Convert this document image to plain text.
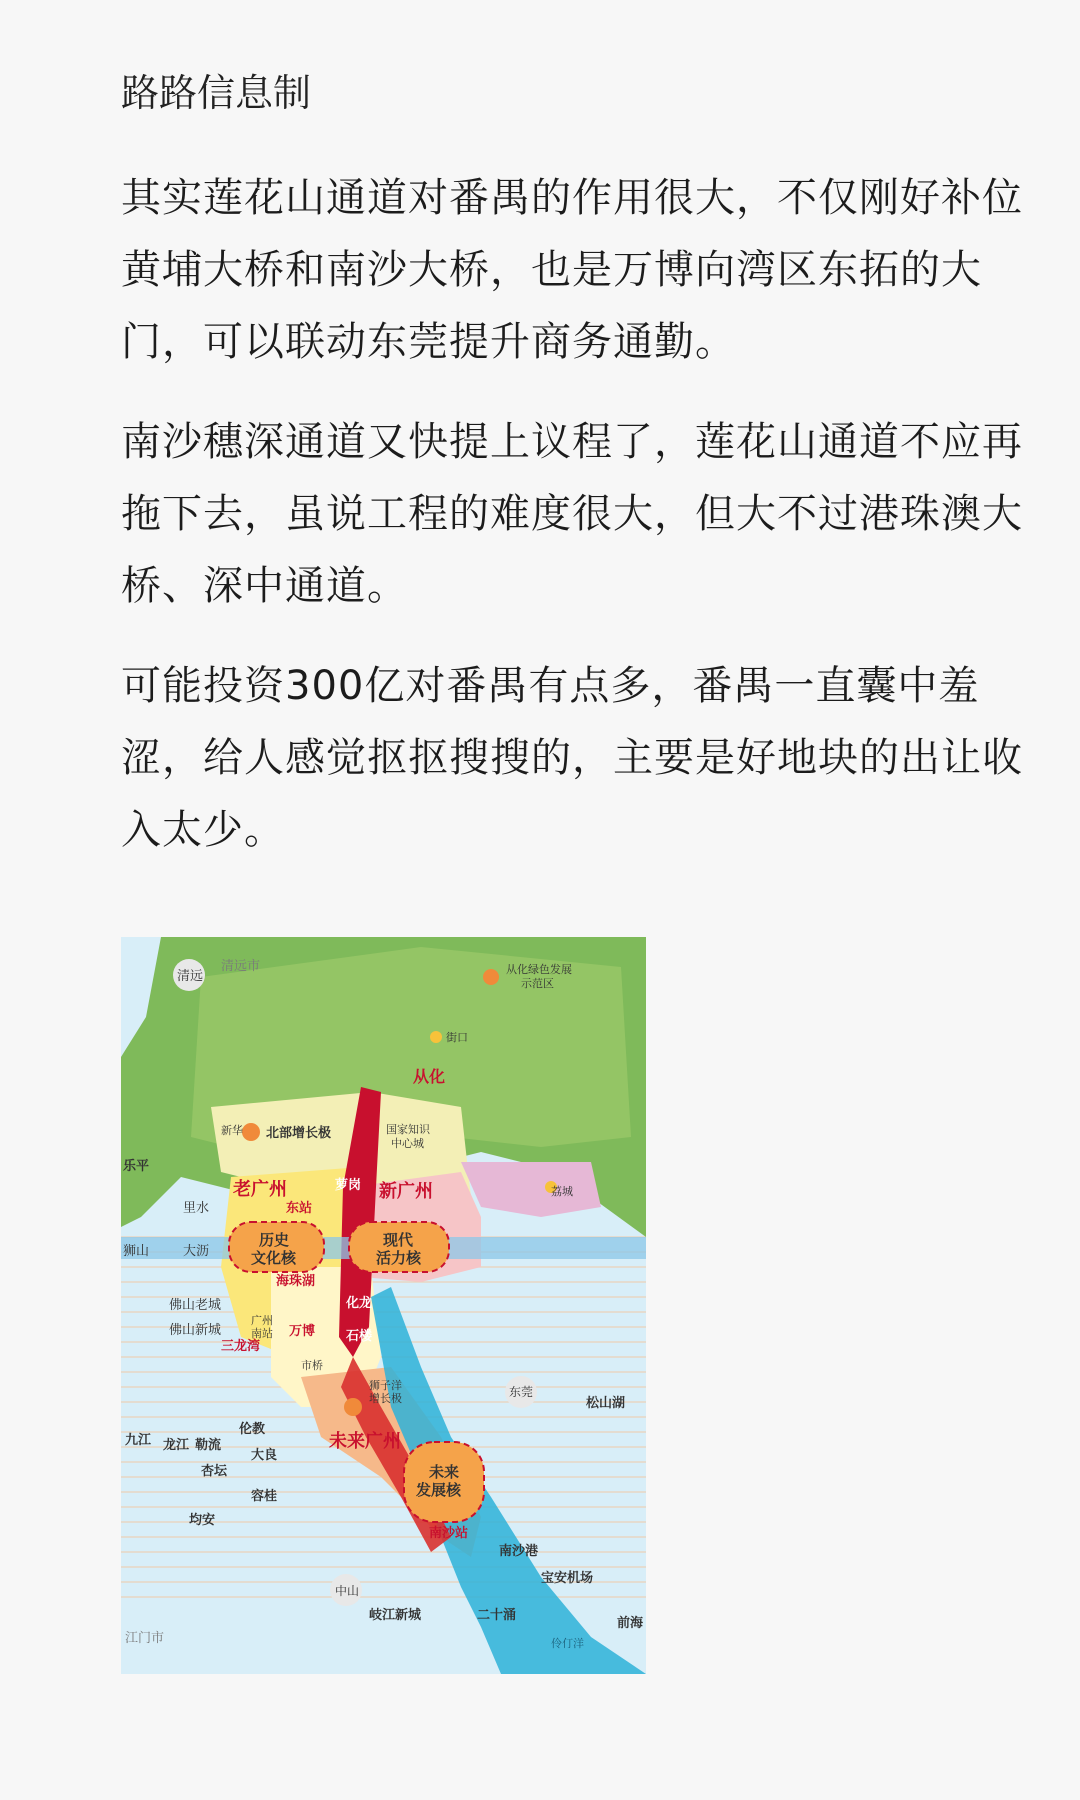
路路信息制

其实莲花山通道对番禺的作用很大，不仅刚好补位黄埔大桥和南沙大桥，也是万博向湾区东拓的大门，可以联动东莞提升商务通勤。

南沙穗深通道又快提上议程了，莲花山通道不应再拖下去，虽说工程的难度很大，但大不过港珠澳大桥、深中通道。

可能投资300亿对番禺有点多，番禺一直囊中羞涩，给人感觉抠抠搜搜的，主要是好地块的出让收入太少。

清远
清远市	从化绿色发展
示范区
街口
从化
北部增长极	国家知识
中心城
新华
乐平
老广州
东站
新广州
萝岗	荔城
里水
狮山	大沥
历史
文化核
现代
活力核
海珠湖
佛山老城
佛山新城
三龙湾
广州
南站 万博
化龙
石楼
市桥
东莞
狮子洋
增长极	松山湖
九江 龙江 勒流
伦教
杏坛
大良
未来广州
未来
发展核
容桂
均安
南沙站
南沙港
宝安机场
中山
岐江新城	二十涌
前海
江门市	伶仃洋
